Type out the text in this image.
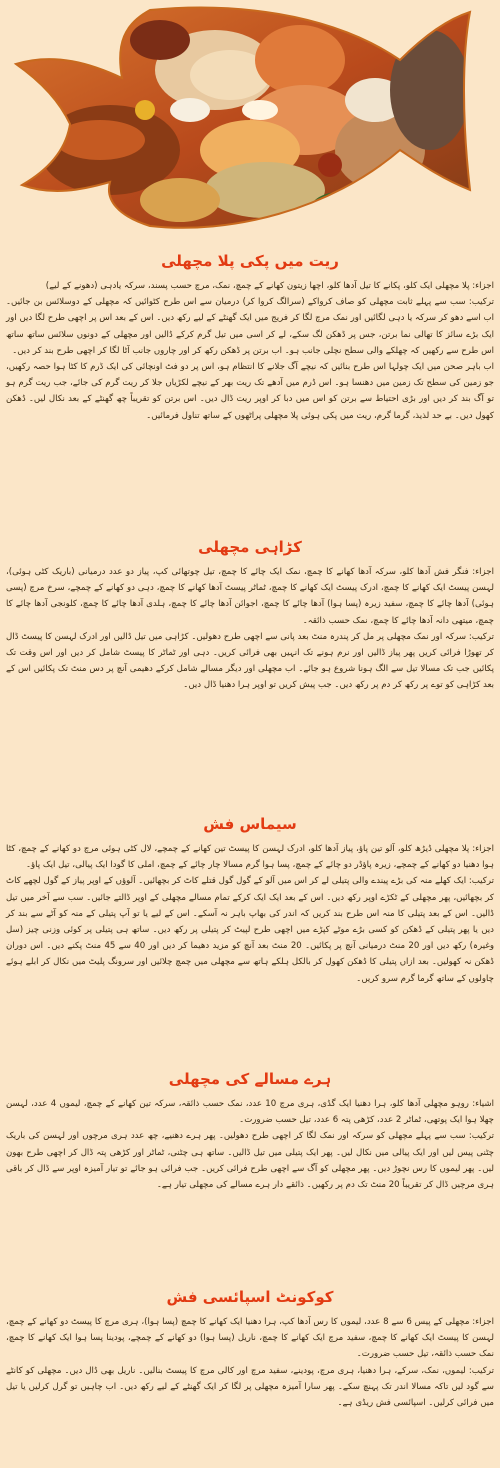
ریت میں پکی پلا مچھلی

اجزاء: پلا مچھلی ایک کلو، پکانے کا تیل آدھا کلو، اچھا زیتون کھانے کے چمچ، نمک، مرچ حسب پسند، سرکہ یادہی (دھونے کے لیے)

ترکیب: سب سے پہلے ثابت مچھلی کو صاف کرواکے (سرالگ کروا کر) درمیان سے اس طرح کٹوائیں کہ مچھلی کے دوسلائس بن جائیں۔ اب اسے دھو کر سرکہ یا دہی لگائیں اور نمک مرچ لگا کر فریج میں ایک گھنٹے کے لیے رکھ دیں۔ اس کے بعد اس پر اچھی طرح لگا دیں اور ایک بڑے سائز کا تھالی نما برتن، جس پر ڈھکن لگ سکے، لے کر اسی میں تیل گرم کرکے ڈالیں اور مچھلی کے دونوں سلائس ساتھ ساتھ اس طرح سے رکھیں کہ چھلکے والی سطح نچلی جانب ہو۔ اب برتن پر ڈھکن رکھ کر اور چاروں جانب آٹا لگا کر اچھی طرح بند کر دیں۔

اب باہر صحن میں ایک چولہا اس طرح بنائیں کہ نیچے آگ جلانے کا انتظام ہو، اس پر دو فٹ اونچائی کی ایک ڈرم کا کٹا ہوا حصہ رکھیں، جو زمین کی سطح تک زمین میں دھنسا ہو۔ اس ڈرم میں آدھے تک ریت بھر کے نیچے لکڑیاں جلا کر ریت گرم کی جائے، جب ریت گرم ہو تو آگ بند کر دیں اور بڑی احتیاط سے برتن کو اس میں دبا کر اوپر ریت ڈال دیں۔ اس برتن کو تقریباً چھ گھنٹے کے بعد نکال لیں۔ ڈھکن کھول دیں۔ بے حد لذیذ، گرما گرم، ریت میں پکی ہوئی پلا مچھلی پراٹھوں کے ساتھ تناول فرمائیں۔

کڑاہی مچھلی

اجزاء: فنگر فش آدھا کلو، سرکہ آدھا کھانے کا چمچ، نمک ایک چائے کا چمچ، تیل چوتھائی کپ، پیاز دو عدد درمیانی (باریک کٹی ہوئی)، لہسن پیسٹ ایک کھانے کا چمچ، ادرک پیسٹ ایک کھانے کا چمچ، ٹماٹر پیسٹ آدھا کھانے کا چمچ، دہی دو کھانے کے چمچے، سرخ مرچ (پسی ہوئی) آدھا چائے کا چمچ، سفید زیرہ (پسا ہوا) آدھا چائے کا چمچ، اجوائن آدھا چائے کا چمچ، ہلدی آدھا چائے کا چمچ، کلونجی آدھا چائے کا چمچ، میتھی دانہ آدھا چائے کا چمچ، نمک حسب ذائقہ۔

ترکیب: سرکہ اور نمک مچھلی پر مل کر پندرہ منٹ بعد پانی سے اچھی طرح دھولیں۔ کڑاہی میں تیل ڈالیں اور ادرک لہسن کا پیسٹ ڈال کر تھوڑا فرائی کریں پھر پیاز ڈالیں اور نرم ہونے تک انہیں بھی فرائی کریں۔ دہی اور ٹماٹر کا پیسٹ شامل کر دیں اور اس وقت تک پکائیں جب تک مسالا تیل سے الگ ہونا شروع ہو جائے۔ اب مچھلی اور دیگر مسالے شامل کرکے دھیمی آنچ پر دس منٹ تک پکائیں اس کے بعد کڑاہی کو توے پر رکھ کر دم پر رکھ دیں۔ جب پیش کریں تو اوپر ہرا دھنیا ڈال دیں۔

سیماس فش

اجزاء: پلا مچھلی ڈیڑھ کلو، آلو تین پاؤ، پیاز آدھا کلو، ادرک لہسن کا پیسٹ تین کھانے کے چمچے، لال کٹی ہوئی مرچ دو کھانے کے چمچ، کٹا ہوا دھنیا دو کھانے کے چمچے، زیرہ پاؤڈر دو چائے کے چمچ، پسا ہوا گرم مسالا چار چائے کے چمچ، املی کا گودا ایک پیالی، تیل ایک پاؤ۔

ترکیب: ایک کھلے منہ کی بڑے پیندے والی پتیلی لے کر اس میں آلو کے گول گول قتلے کاٹ کر بچھائیں۔ آلوؤں کے اوپر پیاز کے گول لچھے کاٹ کر بچھائیں، پھر مچھلی کے ٹکڑے اوپر رکھ دیں۔ اس کے بعد ایک ایک کرکے تمام مسالے مچھلی کے اوپر ڈالتے جائیں۔ سب سے آخر میں تیل ڈالیں۔ اس کے بعد پتیلی کا منہ اس طرح بند کریں کہ اندر کی بھاپ باہر نہ آسکے۔ اس کے لیے یا تو آپ پتیلی کے منہ کو آٹے سے بند کر دیں یا پھر پتیلی کے ڈھکن کو کسی بڑے موٹے کپڑے میں اچھی طرح لپیٹ کر پتیلی پر رکھ دیں۔ ساتھ ہی پتیلی پر کوئی وزنی چیز (سل وغیرہ) رکھ دیں اور 20 منٹ درمیانی آنچ پر پکائیں۔ 20 منٹ بعد آنچ کو مزید دھیما کر دیں اور 40 سے 45 منٹ پکنے دیں۔ اس دوران ڈھکن نہ کھولیں۔ بعد ازاں پتیلی کا ڈھکن کھول کر بالکل ہلکے ہاتھ سے مچھلی میں چمچ چلائیں اور سرونگ پلیٹ میں نکال کر ابلے ہوئے چاولوں کے ساتھ گرما گرم سرو کریں۔

ہرے مسالے کی مچھلی

اشیاء: روہو مچھلی آدھا کلو، ہرا دھنیا ایک گڈی، ہری مرچ 10 عدد، نمک حسب ذائقہ، سرکہ تین کھانے کے چمچ، لیموں 4 عدد، لہسن چھلا ہوا ایک پوتھی، ٹماٹر 2 عدد، کڑھی پتہ 6 عدد، تیل حسب ضرورت۔

ترکیب: سب سے پہلے مچھلی کو سرکہ اور نمک لگا کر اچھی طرح دھولیں۔ پھر ہرے دھنیے، چھ عدد ہری مرچوں اور لہسن کی باریک چٹنی پیس لیں اور ایک پیالی میں نکال لیں۔ پھر ایک پتیلی میں تیل ڈالیں۔ ساتھ ہی چٹنی، ٹماٹر اور کڑھی پتہ ڈال کر اچھی طرح بھون لیں۔ پھر لیموں کا رس نچوڑ دیں۔ پھر مچھلی کو آگ سے اچھی طرح فرائی کریں۔ جب فرائی ہو جائے تو تیار آمیزہ اوپر سے ڈال کر باقی ہری مرچیں ڈال کر تقریباً 20 منٹ تک دم پر رکھیں۔ ذائقے دار ہرے مسالے کی مچھلی تیار ہے۔

کوکونٹ اسپائسی فش

اجزاء: مچھلی کے پیس 6 سے 8 عدد، لیموں کا رس آدھا کپ، ہرا دھنیا ایک کھانے کا چمچ (پسا ہوا)، ہری مرچ کا پیسٹ دو کھانے کے چمچ، لہسن کا پیسٹ ایک کھانے کا چمچ، سفید مرچ ایک کھانے کا چمچ، ناریل (پسا ہوا) دو کھانے کے چمچے، پودینا پسا ہوا ایک کھانے کا چمچ، نمک حسب ذائقہ، تیل حسب ضرورت۔

ترکیب: لیموں، نمک، سرکے، ہرا دھنیا، ہری مرچ، پودینے، سفید مرچ اور کالی مرچ کا پیسٹ بنالیں۔ ناریل بھی ڈال دیں۔ مچھلی کو کانٹے سے گود لیں تاکہ مسالا اندر تک پہنچ سکے۔ پھر سارا آمیزہ مچھلی پر لگا کر ایک گھنٹے کے لیے رکھ دیں۔ اب چاہیں تو گرل کرلیں یا تیل میں فرائی کرلیں۔ اسپائسی فش ریڈی ہے۔
